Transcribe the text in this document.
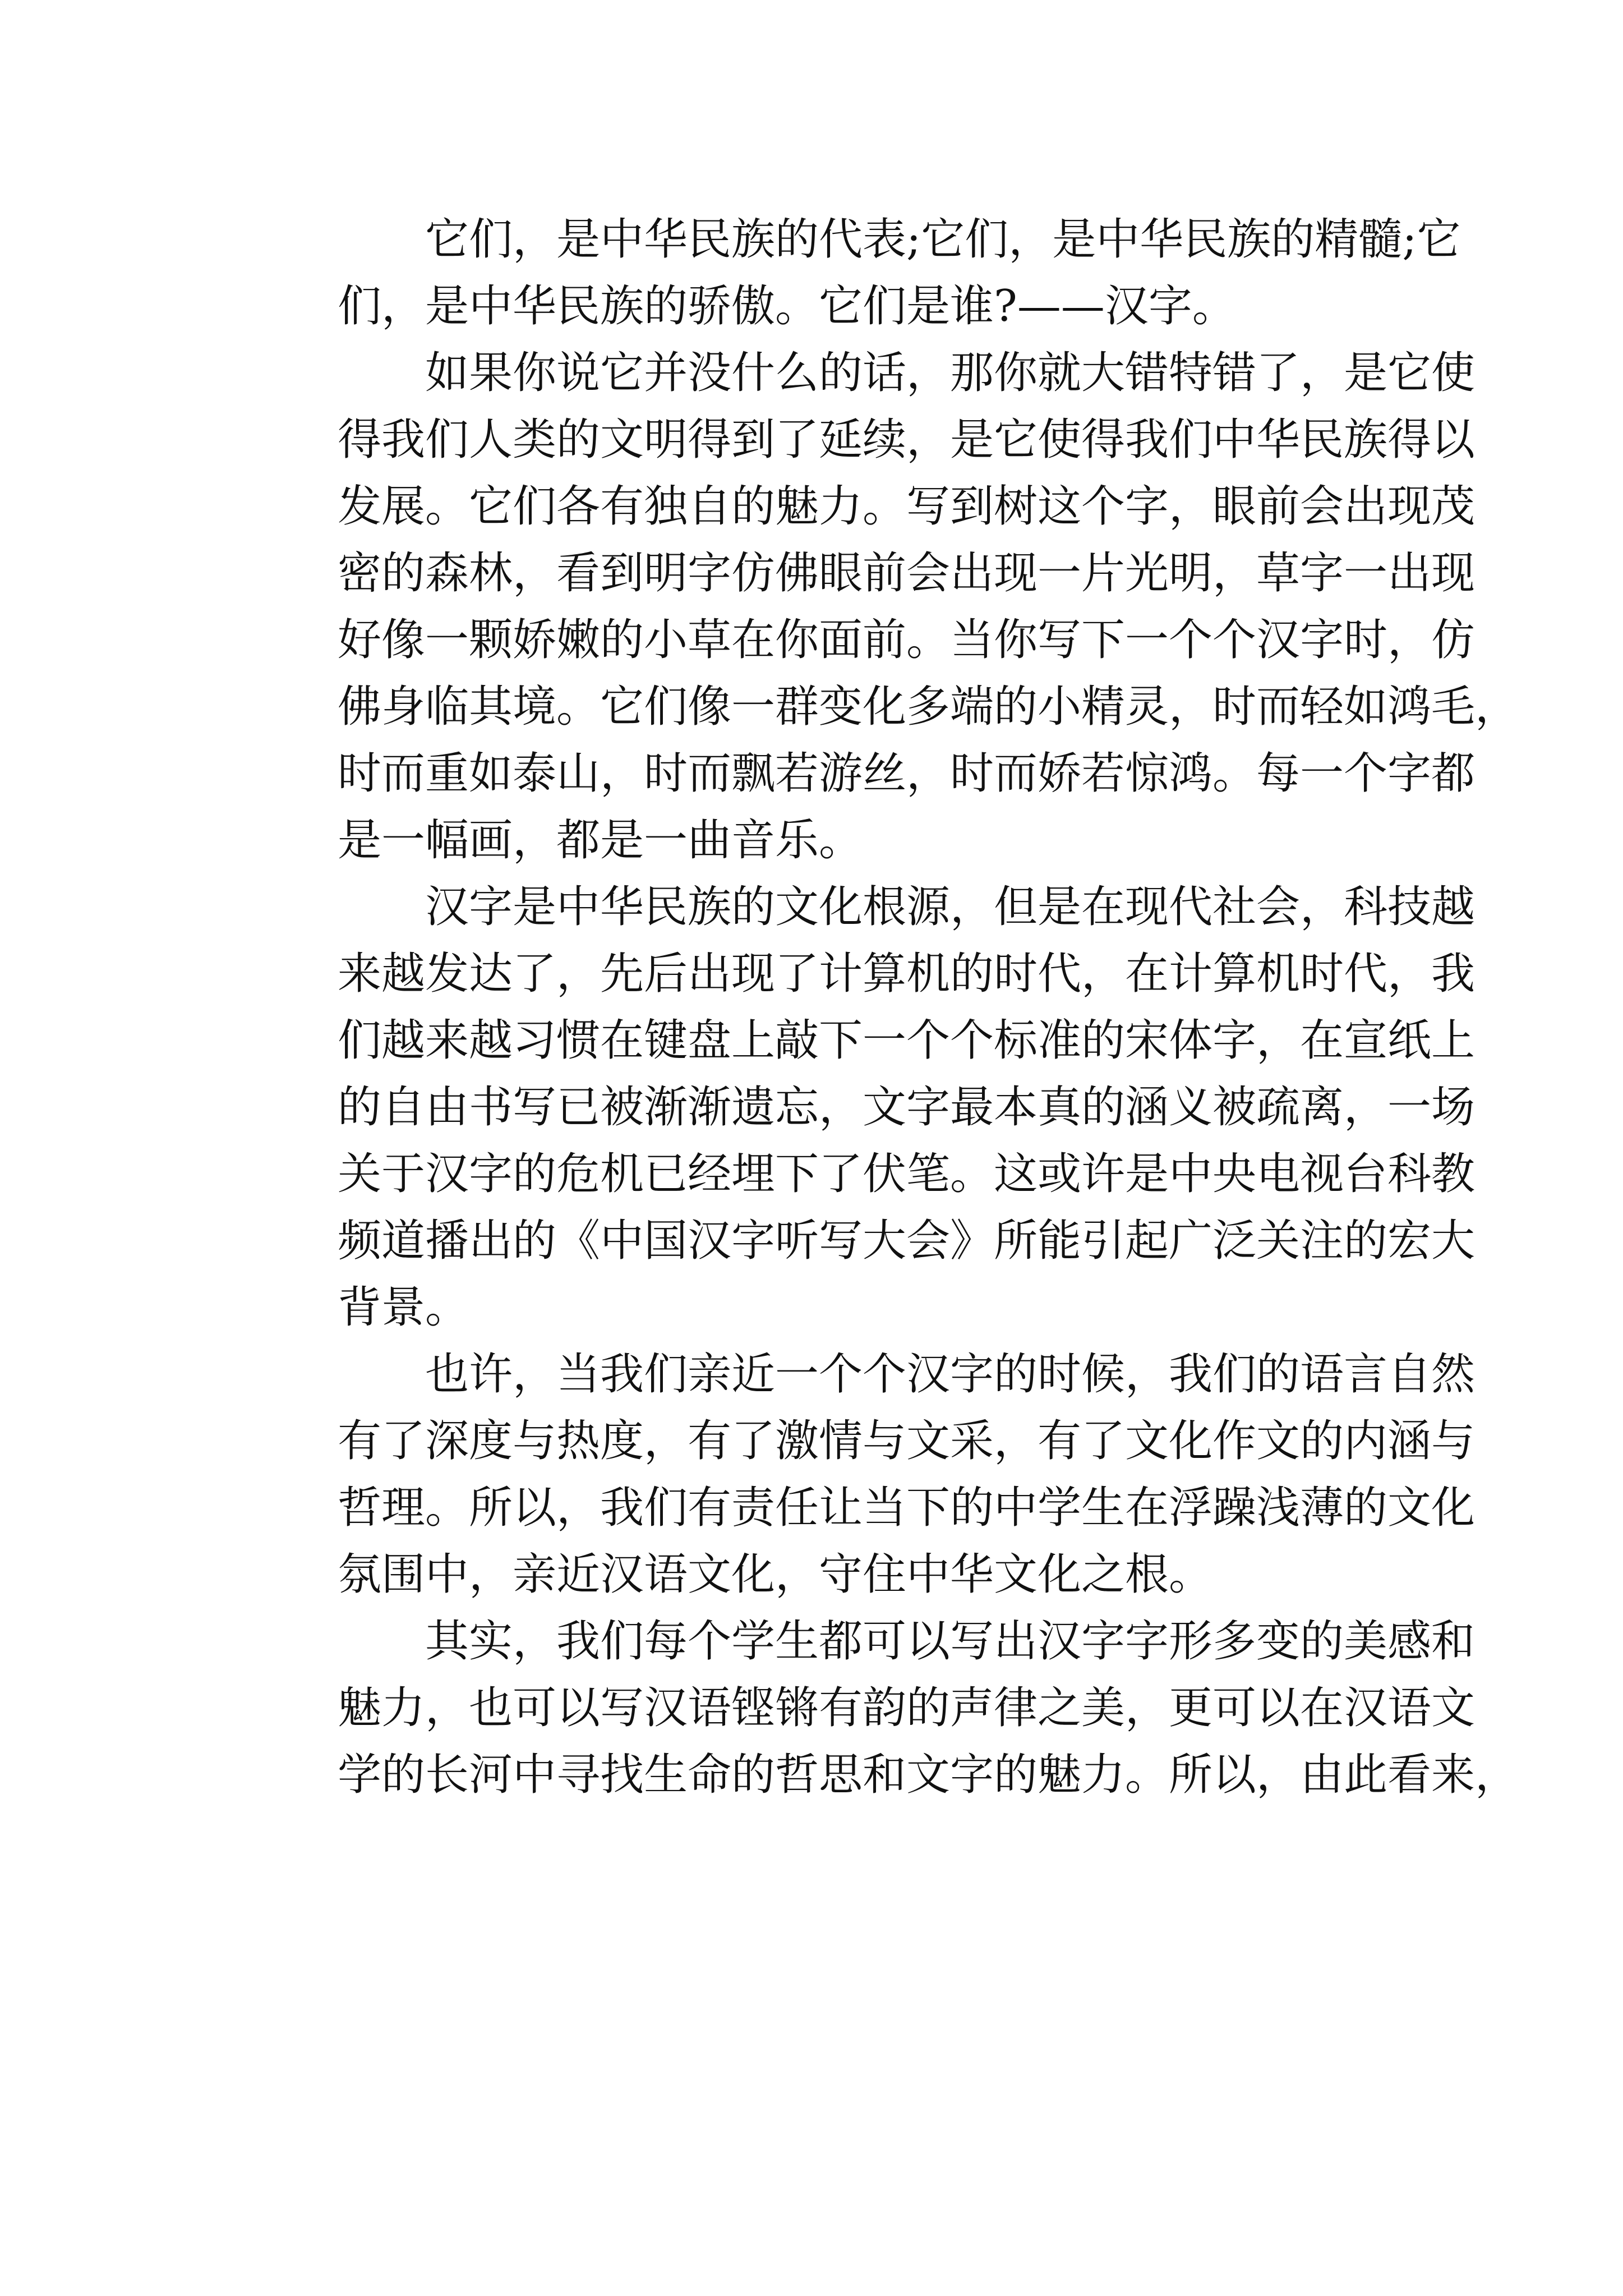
它们，是中华民族的代表;它们，是中华民族的精髓;它
们，是中华民族的骄傲。它们是谁?——汉字。
如果你说它并没什么的话，那你就大错特错了，是它使
得我们人类的文明得到了延续，是它使得我们中华民族得以
发展。它们各有独自的魅力。写到树这个字，眼前会出现茂
密的森林，看到明字仿佛眼前会出现一片光明，草字一出现
好像一颗娇嫩的小草在你面前。当你写下一个个汉字时，仿
佛身临其境。它们像一群变化多端的小精灵，时而轻如鸿毛，
时而重如泰山，时而飘若游丝，时而娇若惊鸿。每一个字都
是一幅画，都是一曲音乐。
汉字是中华民族的文化根源，但是在现代社会，科技越
来越发达了，先后出现了计算机的时代，在计算机时代，我
们越来越习惯在键盘上敲下一个个标准的宋体字，在宣纸上
的自由书写已被渐渐遗忘，文字最本真的涵义被疏离，一场
关于汉字的危机已经埋下了伏笔。这或许是中央电视台科教
频道播出的《中国汉字听写大会》所能引起广泛关注的宏大
背景。
也许，当我们亲近一个个汉字的时候，我们的语言自然
有了深度与热度，有了激情与文采，有了文化作文的内涵与
哲理。所以，我们有责任让当下的中学生在浮躁浅薄的文化
氛围中，亲近汉语文化，守住中华文化之根。
其实，我们每个学生都可以写出汉字字形多变的美感和
魅力，也可以写汉语铿锵有韵的声律之美，更可以在汉语文
学的长河中寻找生命的哲思和文字的魅力。所以，由此看来，
